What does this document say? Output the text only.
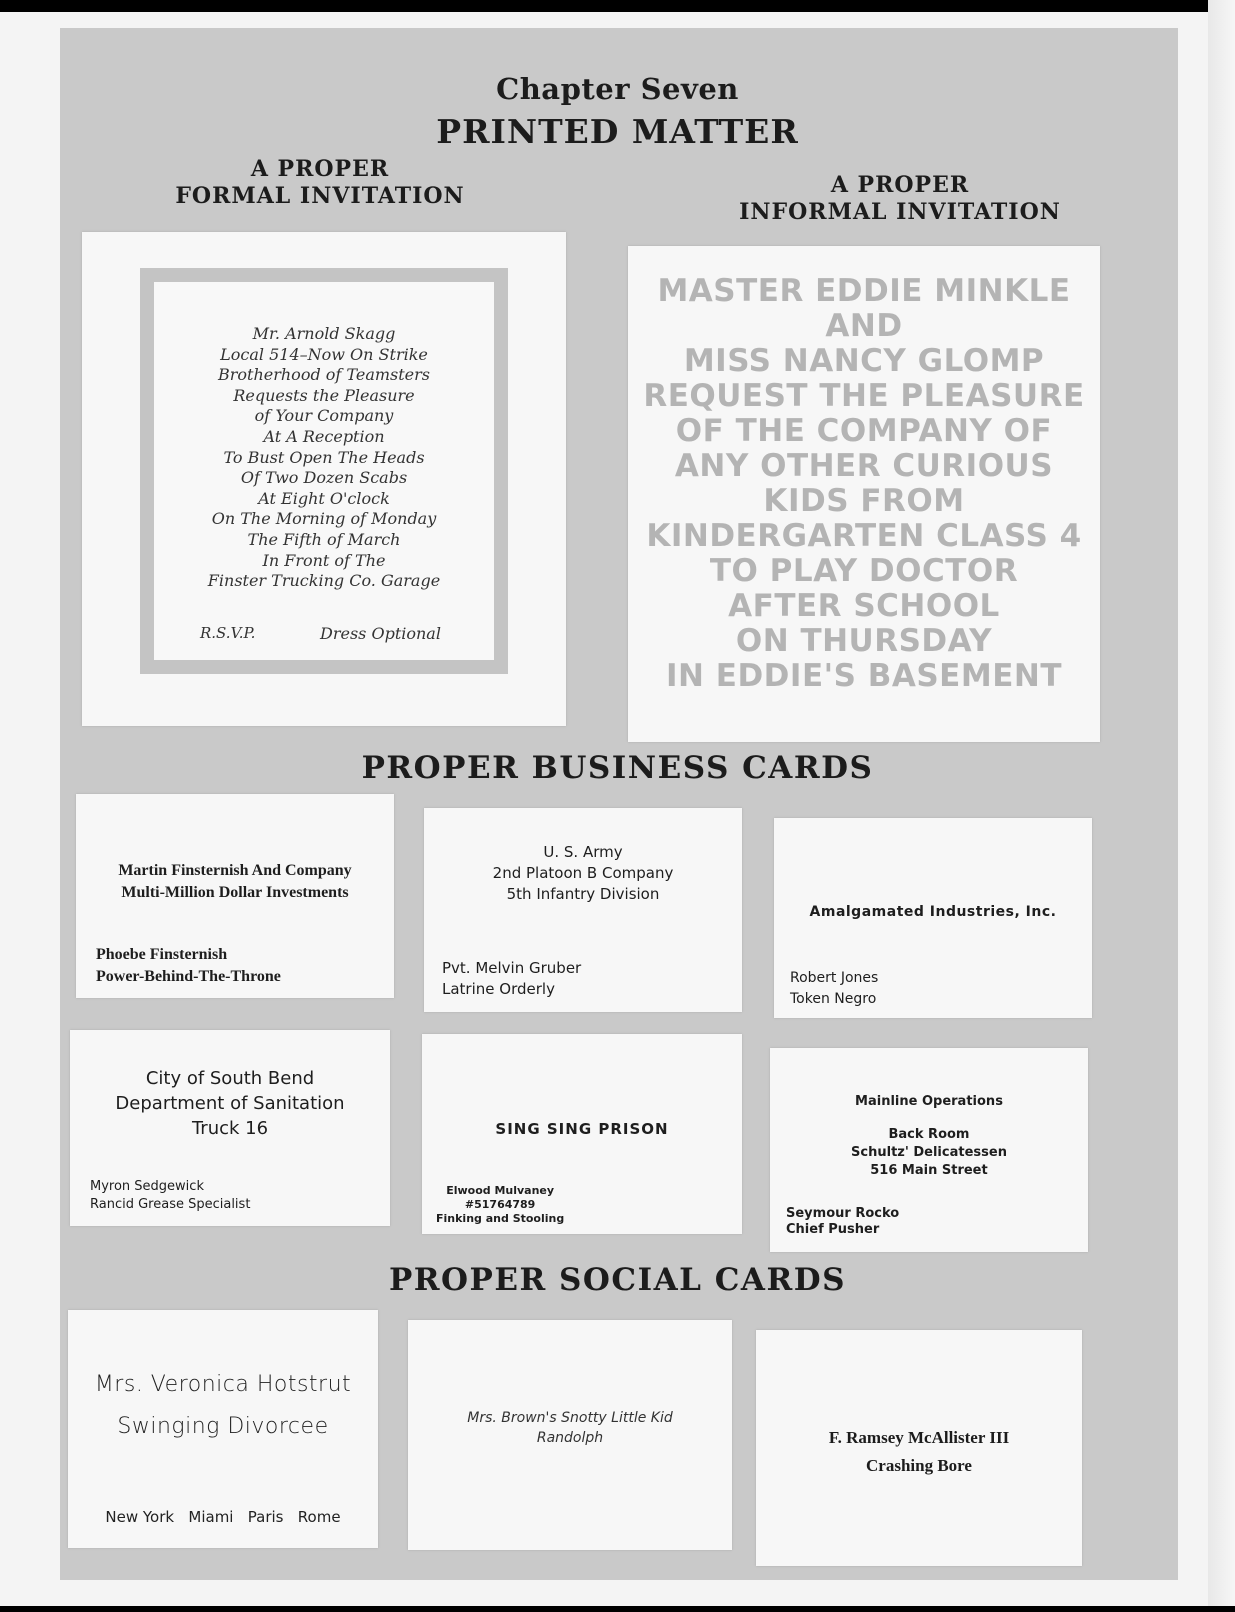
Chapter Seven
PRINTED MATTER
A PROPER
FORMAL INVITATION	A PROPER
INFORMAL INVITATION
Mr. Arnold Skagg
Local 514–Now On Strike
Brotherhood of Teamsters
Requests the Pleasure
of Your Company
At A Reception
To Bust Open The Heads
Of Two Dozen Scabs
At Eight O'clock
On The Morning of Monday
The Fifth of March
In Front of The
Finster Trucking Co. Garage
R.S.V.P.	Dress Optional
MASTER EDDIE MINKLE
AND
MISS NANCY GLOMP
REQUEST THE PLEASURE
OF THE COMPANY OF
ANY OTHER CURIOUS
KIDS FROM
KINDERGARTEN CLASS 4
TO PLAY DOCTOR
AFTER SCHOOL
ON THURSDAY
IN EDDIE'S BASEMENT
PROPER BUSINESS CARDS
Martin Finsternish And Company
Multi-Million Dollar Investments
Phoebe Finsternish
Power-Behind-The-Throne
U. S. Army
2nd Platoon B Company
5th Infantry Division
Pvt. Melvin Gruber
Latrine Orderly
Amalgamated Industries, Inc.
Robert Jones
Token Negro
City of South Bend
Department of Sanitation
Truck 16
Myron Sedgewick
Rancid Grease Specialist
SING SING PRISON
Elwood Mulvaney
#51764789
Finking and Stooling
Mainline Operations
Back Room
Schultz' Delicatessen
516 Main Street
Seymour Rocko
Chief Pusher
PROPER SOCIAL CARDS
Mrs. Veronica Hotstrut
Swinging Divorcee
New York   Miami   Paris   Rome
Mrs. Brown's Snotty Little Kid
Randolph	F. Ramsey McAllister III
Crashing Bore
